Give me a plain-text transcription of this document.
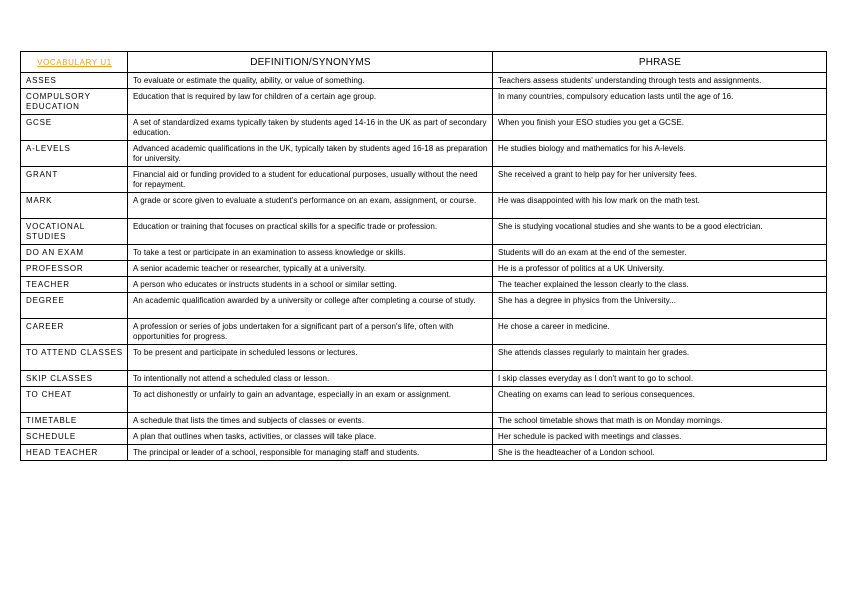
VOCABULARY U1	DEFINITION/SYNONYMS	PHRASE
ASSES	To evaluate or estimate the quality, ability, or value of something.	Teachers assess students' understanding through tests and assignments.
COMPULSORY EDUCATION	Education that is required by law for children of a certain age group.	In many countries, compulsory education lasts until the age of 16.
GCSE	A set of standardized exams typically taken by students aged 14-16 in the UK as part of secondary education.	When you finish your ESO studies you get a GCSE.
A-LEVELS	Advanced academic qualifications in the UK, typically taken by students aged 16-18 as preparation for university.	He studies biology and mathematics for his A-levels.
GRANT	Financial aid or funding provided to a student for educational purposes, usually without the need for repayment.	She received a grant to help pay for her university fees.
MARK	A grade or score given to evaluate a student's performance on an exam, assignment, or course.	He was disappointed with his low mark on the math test.
VOCATIONAL STUDIES	Education or training that focuses on practical skills for a specific trade or profession.	She is studying vocational studies and she wants to be a good electrician.
DO AN EXAM	To take a test or participate in an examination to assess knowledge or skills.	Students will do an exam at the end of the semester.
PROFESSOR	A senior academic teacher or researcher, typically at a university.	He is a professor of politics at a UK University.
TEACHER	A person who educates or instructs students in a school or similar setting.	The teacher explained the lesson clearly to the class.
DEGREE	An academic qualification awarded by a university or college after completing a course of study.	She has a degree in physics from the University...
CAREER	A profession or series of jobs undertaken for a significant part of a person's life, often with opportunities for progress.	He chose a career in medicine.
TO ATTEND CLASSES	To be present and participate in scheduled lessons or lectures.	She attends classes regularly to maintain her grades.
SKIP CLASSES	To intentionally not attend a scheduled class or lesson.	I skip classes everyday as I don't want to go to school.
TO CHEAT	To act dishonestly or unfairly to gain an advantage, especially in an exam or assignment.	Cheating on exams can lead to serious consequences.
TIMETABLE	A schedule that lists the times and subjects of classes or events.	The school timetable shows that math is on Monday mornings.
SCHEDULE	A plan that outlines when tasks, activities, or classes will take place.	Her schedule is packed with meetings and classes.
HEAD TEACHER	The principal or leader of a school, responsible for managing staff and students.	She is the headteacher of a London school.
